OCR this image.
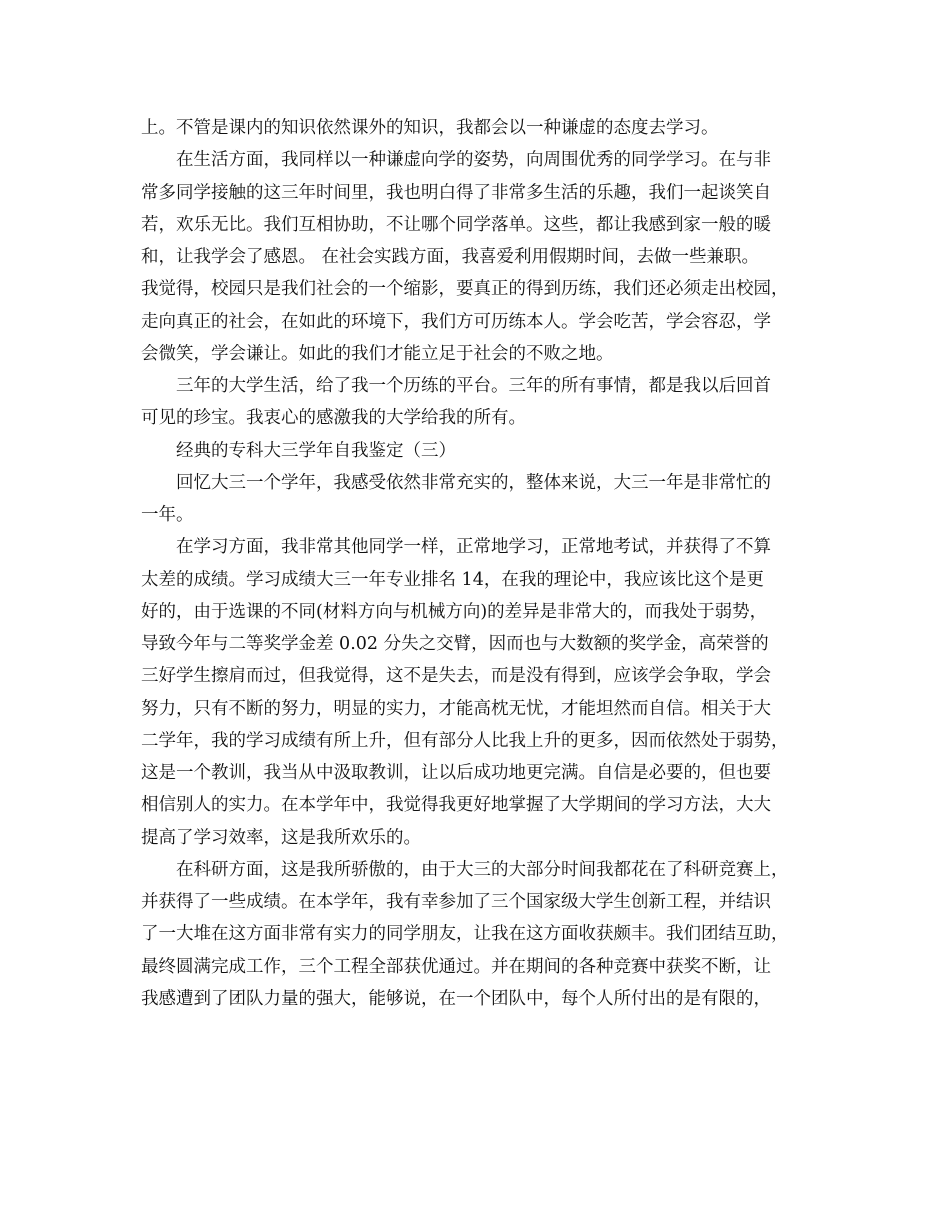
上。不管是课内的知识依然课外的知识，我都会以一种谦虚的态度去学习。
在生活方面，我同样以一种谦虚向学的姿势，向周围优秀的同学学习。在与非
常多同学接触的这三年时间里，我也明白得了非常多生活的乐趣，我们一起谈笑自
若，欢乐无比。我们互相协助，不让哪个同学落单。这些，都让我感到家一般的暖
和，让我学会了感恩。 在社会实践方面，我喜爱利用假期时间，去做一些兼职。
我觉得，校园只是我们社会的一个缩影，要真正的得到历练，我们还必须走出校园，
走向真正的社会，在如此的环境下，我们方可历练本人。学会吃苦，学会容忍，学
会微笑，学会谦让。如此的我们才能立足于社会的不败之地。
三年的大学生活，给了我一个历练的平台。三年的所有事情，都是我以后回首
可见的珍宝。我衷心的感激我的大学给我的所有。
经典的专科大三学年自我鉴定（三）
回忆大三一个学年，我感受依然非常充实的，整体来说，大三一年是非常忙的
一年。
在学习方面，我非常其他同学一样，正常地学习，正常地考试，并获得了不算
太差的成绩。学习成绩大三一年专业排名 14，在我的理论中，我应该比这个是更
好的，由于选课的不同(材料方向与机械方向)的差异是非常大的，而我处于弱势，
导致今年与二等奖学金差 0.02 分失之交臂，因而也与大数额的奖学金，高荣誉的
三好学生擦肩而过，但我觉得，这不是失去，而是没有得到，应该学会争取，学会
努力，只有不断的努力，明显的实力，才能高枕无忧，才能坦然而自信。相关于大
二学年，我的学习成绩有所上升，但有部分人比我上升的更多，因而依然处于弱势，
这是一个教训，我当从中汲取教训，让以后成功地更完满。自信是必要的，但也要
相信别人的实力。在本学年中，我觉得我更好地掌握了大学期间的学习方法，大大
提高了学习效率，这是我所欢乐的。
在科研方面，这是我所骄傲的，由于大三的大部分时间我都花在了科研竞赛上，
并获得了一些成绩。在本学年，我有幸参加了三个国家级大学生创新工程，并结识
了一大堆在这方面非常有实力的同学朋友，让我在这方面收获颇丰。我们团结互助，
最终圆满完成工作，三个工程全部获优通过。并在期间的各种竞赛中获奖不断，让
我感遭到了团队力量的强大，能够说，在一个团队中，每个人所付出的是有限的，
